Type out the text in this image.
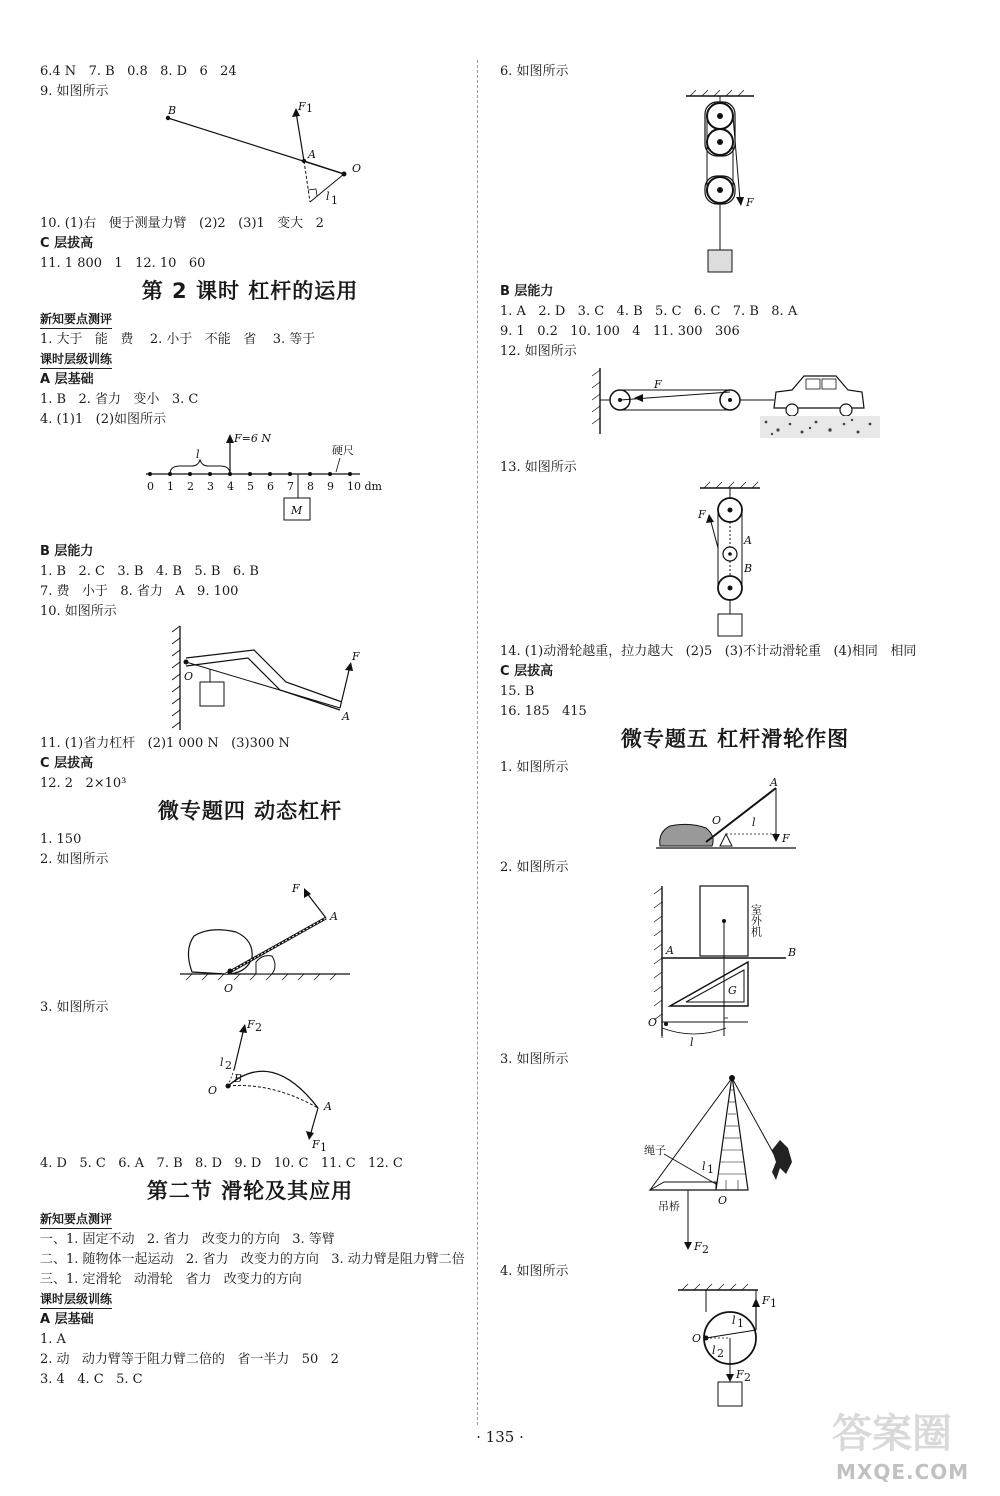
6.4 N   7. B   0.8   8. D   6   24
9. 如图所示
B	F 1
A
O
l 1
10. (1)右   便于测量力臂   (2)2   (3)1   变大   2
C 层拔高
11. 1 800   1   12. 10   60
第 2 课时 杠杆的运用
新知要点测评
1. 大于   能   费    2. 小于   不能   省    3. 等于
课时层级训练
A 层基础
1. B   2. 省力   变小   3. C
4. (1)1   (2)如图所示
F=6 N
l	硬尺
M
0 1 2 3 4 5 6 7 8 9 10 dm
B 层能力
1. B   2. C   3. B   4. B   5. B   6. B
7. 费   小于   8. 省力   A   9. 100
10. 如图所示
O
F
A
11. (1)省力杠杆   (2)1 000 N   (3)300 N
C 层拔高
12. 2   2×10³
微专题四 动态杠杆
1. 150
2. 如图所示
F
A
O
3. 如图所示
F 2
l 2
B
O
A
F 1
4. D   5. C   6. A   7. B   8. D   9. D   10. C   11. C   12. C
第二节 滑轮及其应用
新知要点测评
一、1. 固定不动   2. 省力   改变力的方向   3. 等臂
二、1. 随物体一起运动   2. 省力   改变力的方向   3. 动力臂是阻力臂二倍
三、1. 定滑轮   动滑轮   省力   改变力的方向
课时层级训练
A 层基础
1. A
2. 动   动力臂等于阻力臂二倍的   省一半力   50   2
3. 4   4. C   5. C
6. 如图所示
F
B 层能力
1. A   2. D   3. C   4. B   5. C   6. C   7. B   8. A
9. 1   0.2   10. 100   4   11. 300   306
12. 如图所示
F
13. 如图所示
F
A
B
14. (1)动滑轮越重，拉力越大   (2)5   (3)不计动滑轮重   (4)相同   相同
C 层拔高
15. B
16. 185   415
微专题五 杠杆滑轮作图
1. 如图所示
A
O	l
F
2. 如图所示
室外机
A	B
G
O
l
3. 如图所示
绳子
l 1
吊桥	O
F 2
4. 如图所示
F 1
O
l 1
l 2
F 2
· 135 ·	答案圈
MXQE.COM
